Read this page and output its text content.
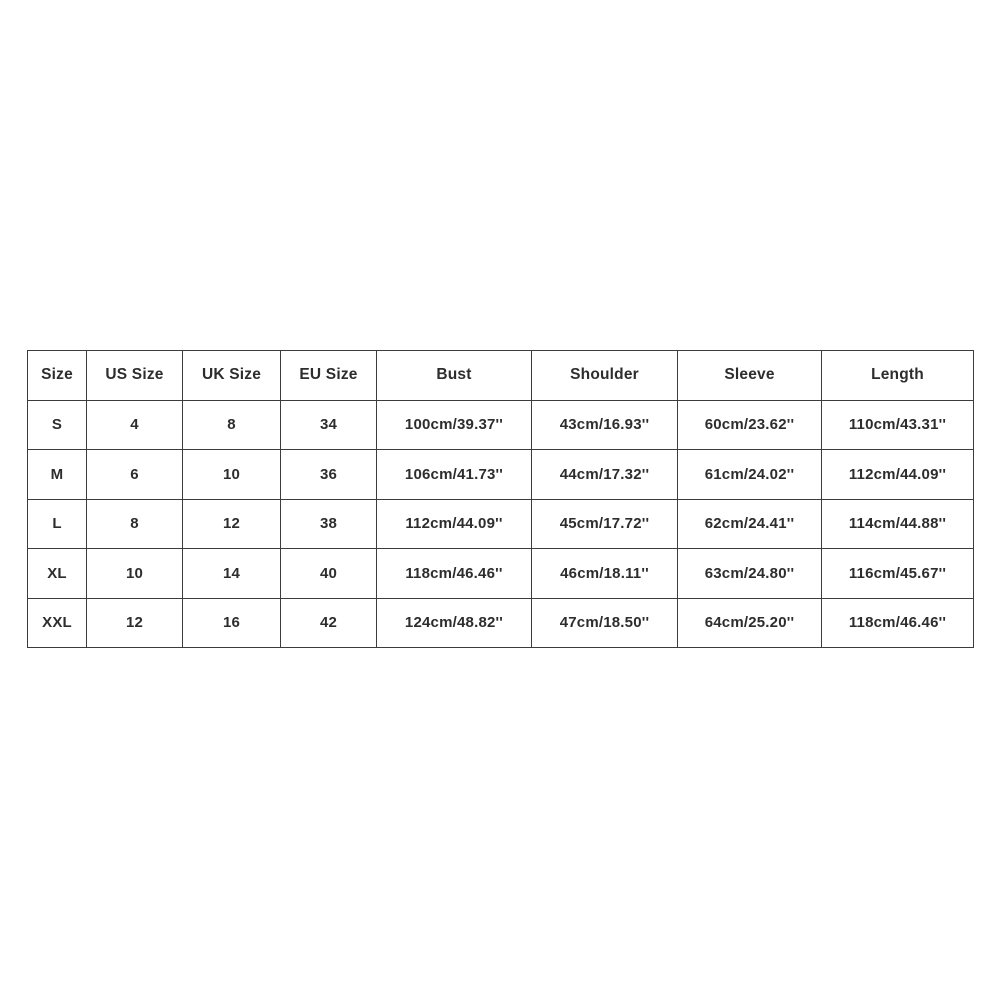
Size	US Size	UK Size	EU Size	Bust	Shoulder	Sleeve	Length
S	4	8	34	100cm/39.37''	43cm/16.93''	60cm/23.62''	110cm/43.31''
M	6	10	36	106cm/41.73''	44cm/17.32''	61cm/24.02''	112cm/44.09''
L	8	12	38	112cm/44.09''	45cm/17.72''	62cm/24.41''	114cm/44.88''
XL	10	14	40	118cm/46.46''	46cm/18.11''	63cm/24.80''	116cm/45.67''
XXL	12	16	42	124cm/48.82''	47cm/18.50''	64cm/25.20''	118cm/46.46''
